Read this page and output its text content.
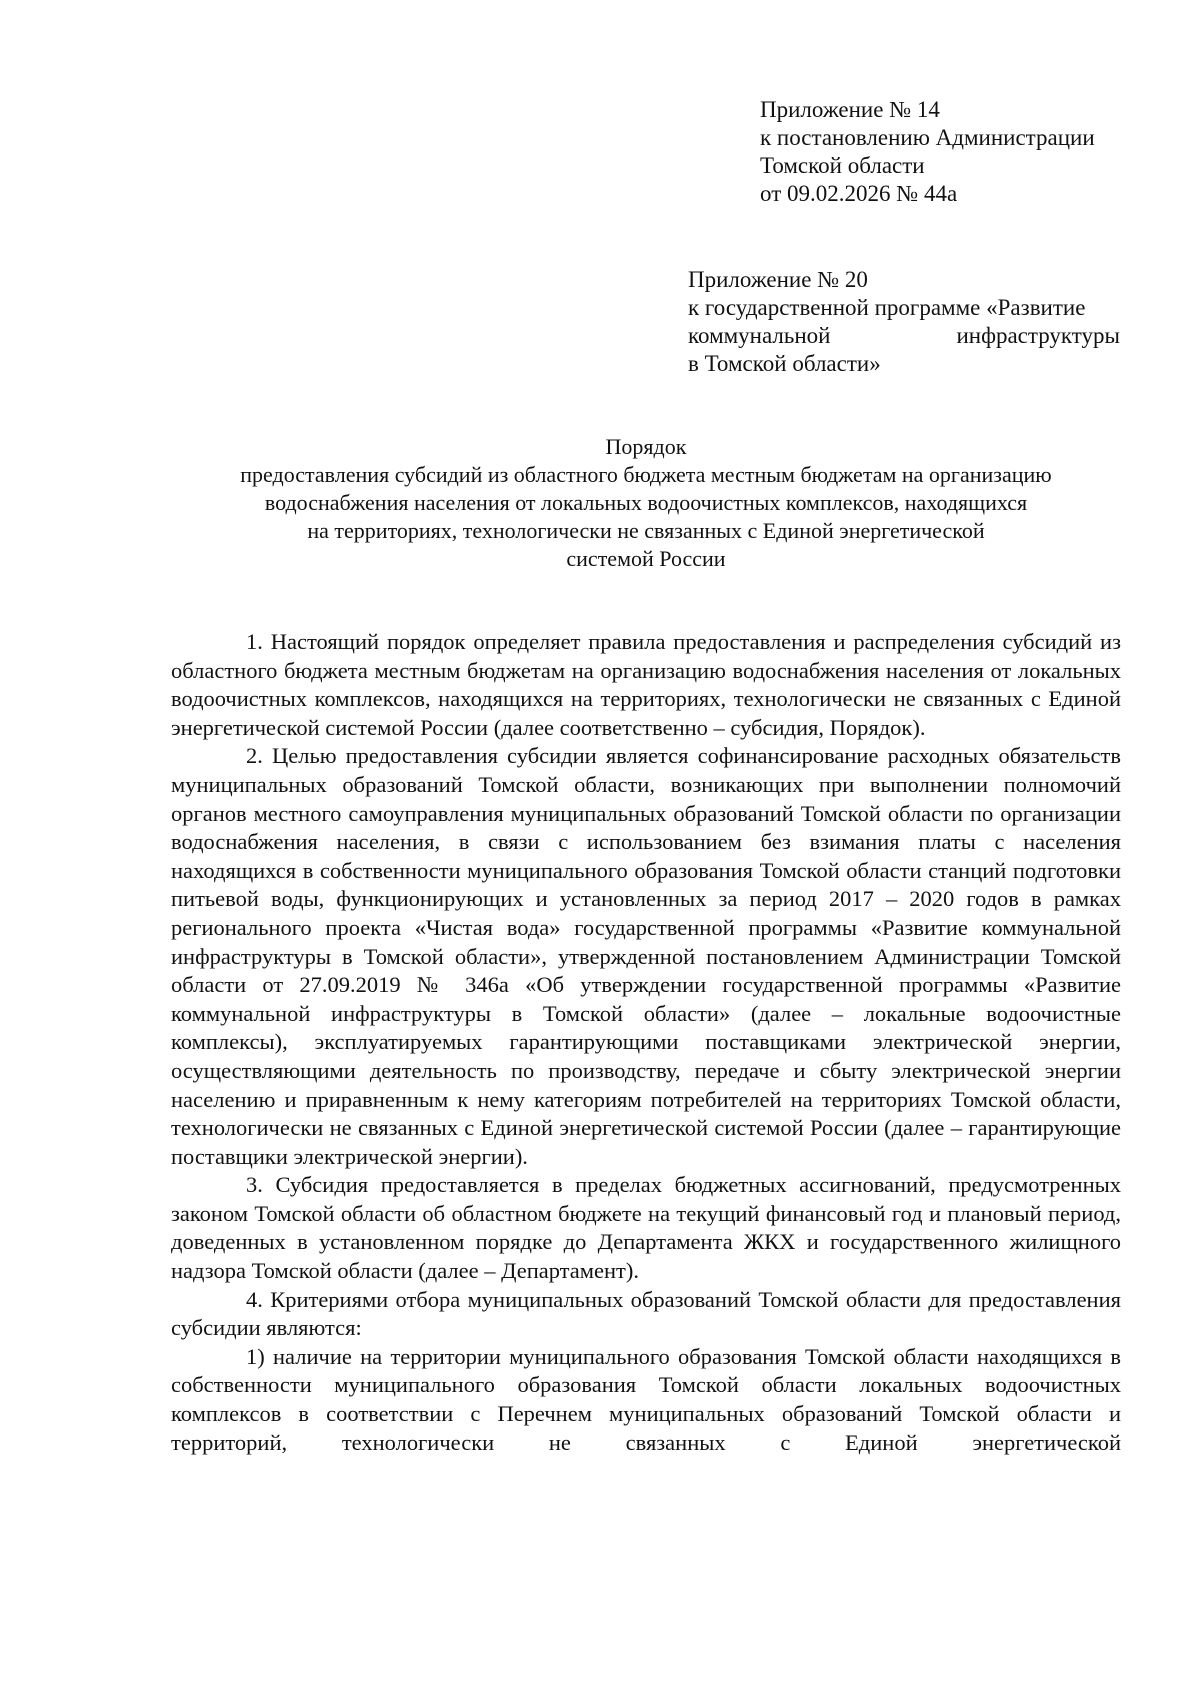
Приложение № 14
к постановлению Администрации
Томской области
от 09.02.2026 № 44а
Приложение № 20
к государственной программе «Развитие
коммунальной	инфраструктуры
в Томской области»
Порядок
предоставления субсидий из областного бюджета местным бюджетам на организацию
водоснабжения населения от локальных водоочистных комплексов, находящихся
на территориях, технологически не связанных с Единой энергетической
системой России

1. Настоящий порядок определяет правила предоставления и распределения субсидий из областного бюджета местным бюджетам на организацию водоснабжения населения от локальных водоочистных комплексов, находящихся на территориях, технологически не связанных с Единой энергетической системой России (далее соответственно – субсидия, Порядок).

2. Целью предоставления субсидии является софинансирование расходных обязательств муниципальных образований Томской области, возникающих при выполнении полномочий органов местного самоуправления муниципальных образований Томской области по организации водоснабжения населения, в связи с использованием без взимания платы с населения находящихся в собственности муниципального образования Томской области станций подготовки питьевой воды, функционирующих и установленных за период 2017 – 2020 годов в рамках регионального проекта «Чистая вода» государственной программы «Развитие коммунальной инфраструктуры в Томской области», утвержденной постановлением Администрации Томской области от 27.09.2019 № 346а «Об утверждении государственной программы «Развитие коммунальной инфраструктуры в Томской области» (далее – локальные водоочистные комплексы), эксплуатируемых гарантирующими поставщиками электрической энергии, осуществляющими деятельность по производству, передаче и сбыту электрической энергии населению и приравненным к нему категориям потребителей на территориях Томской области, технологически не связанных с Единой энергетической системой России (далее – гарантирующие поставщики электрической энергии).

3. Субсидия предоставляется в пределах бюджетных ассигнований, предусмотренных законом Томской области об областном бюджете на текущий финансовый год и плановый период, доведенных в установленном порядке до Департамента ЖКХ и государственного жилищного надзора Томской области (далее – Департамент).

4. Критериями отбора муниципальных образований Томской области для предоставления субсидии являются:

1) наличие на территории муниципального образования Томской области находящихся в собственности муниципального образования Томской области локальных водоочистных комплексов в соответствии с Перечнем муниципальных образований Томской области и территорий, технологически не связанных с Единой энергетической
